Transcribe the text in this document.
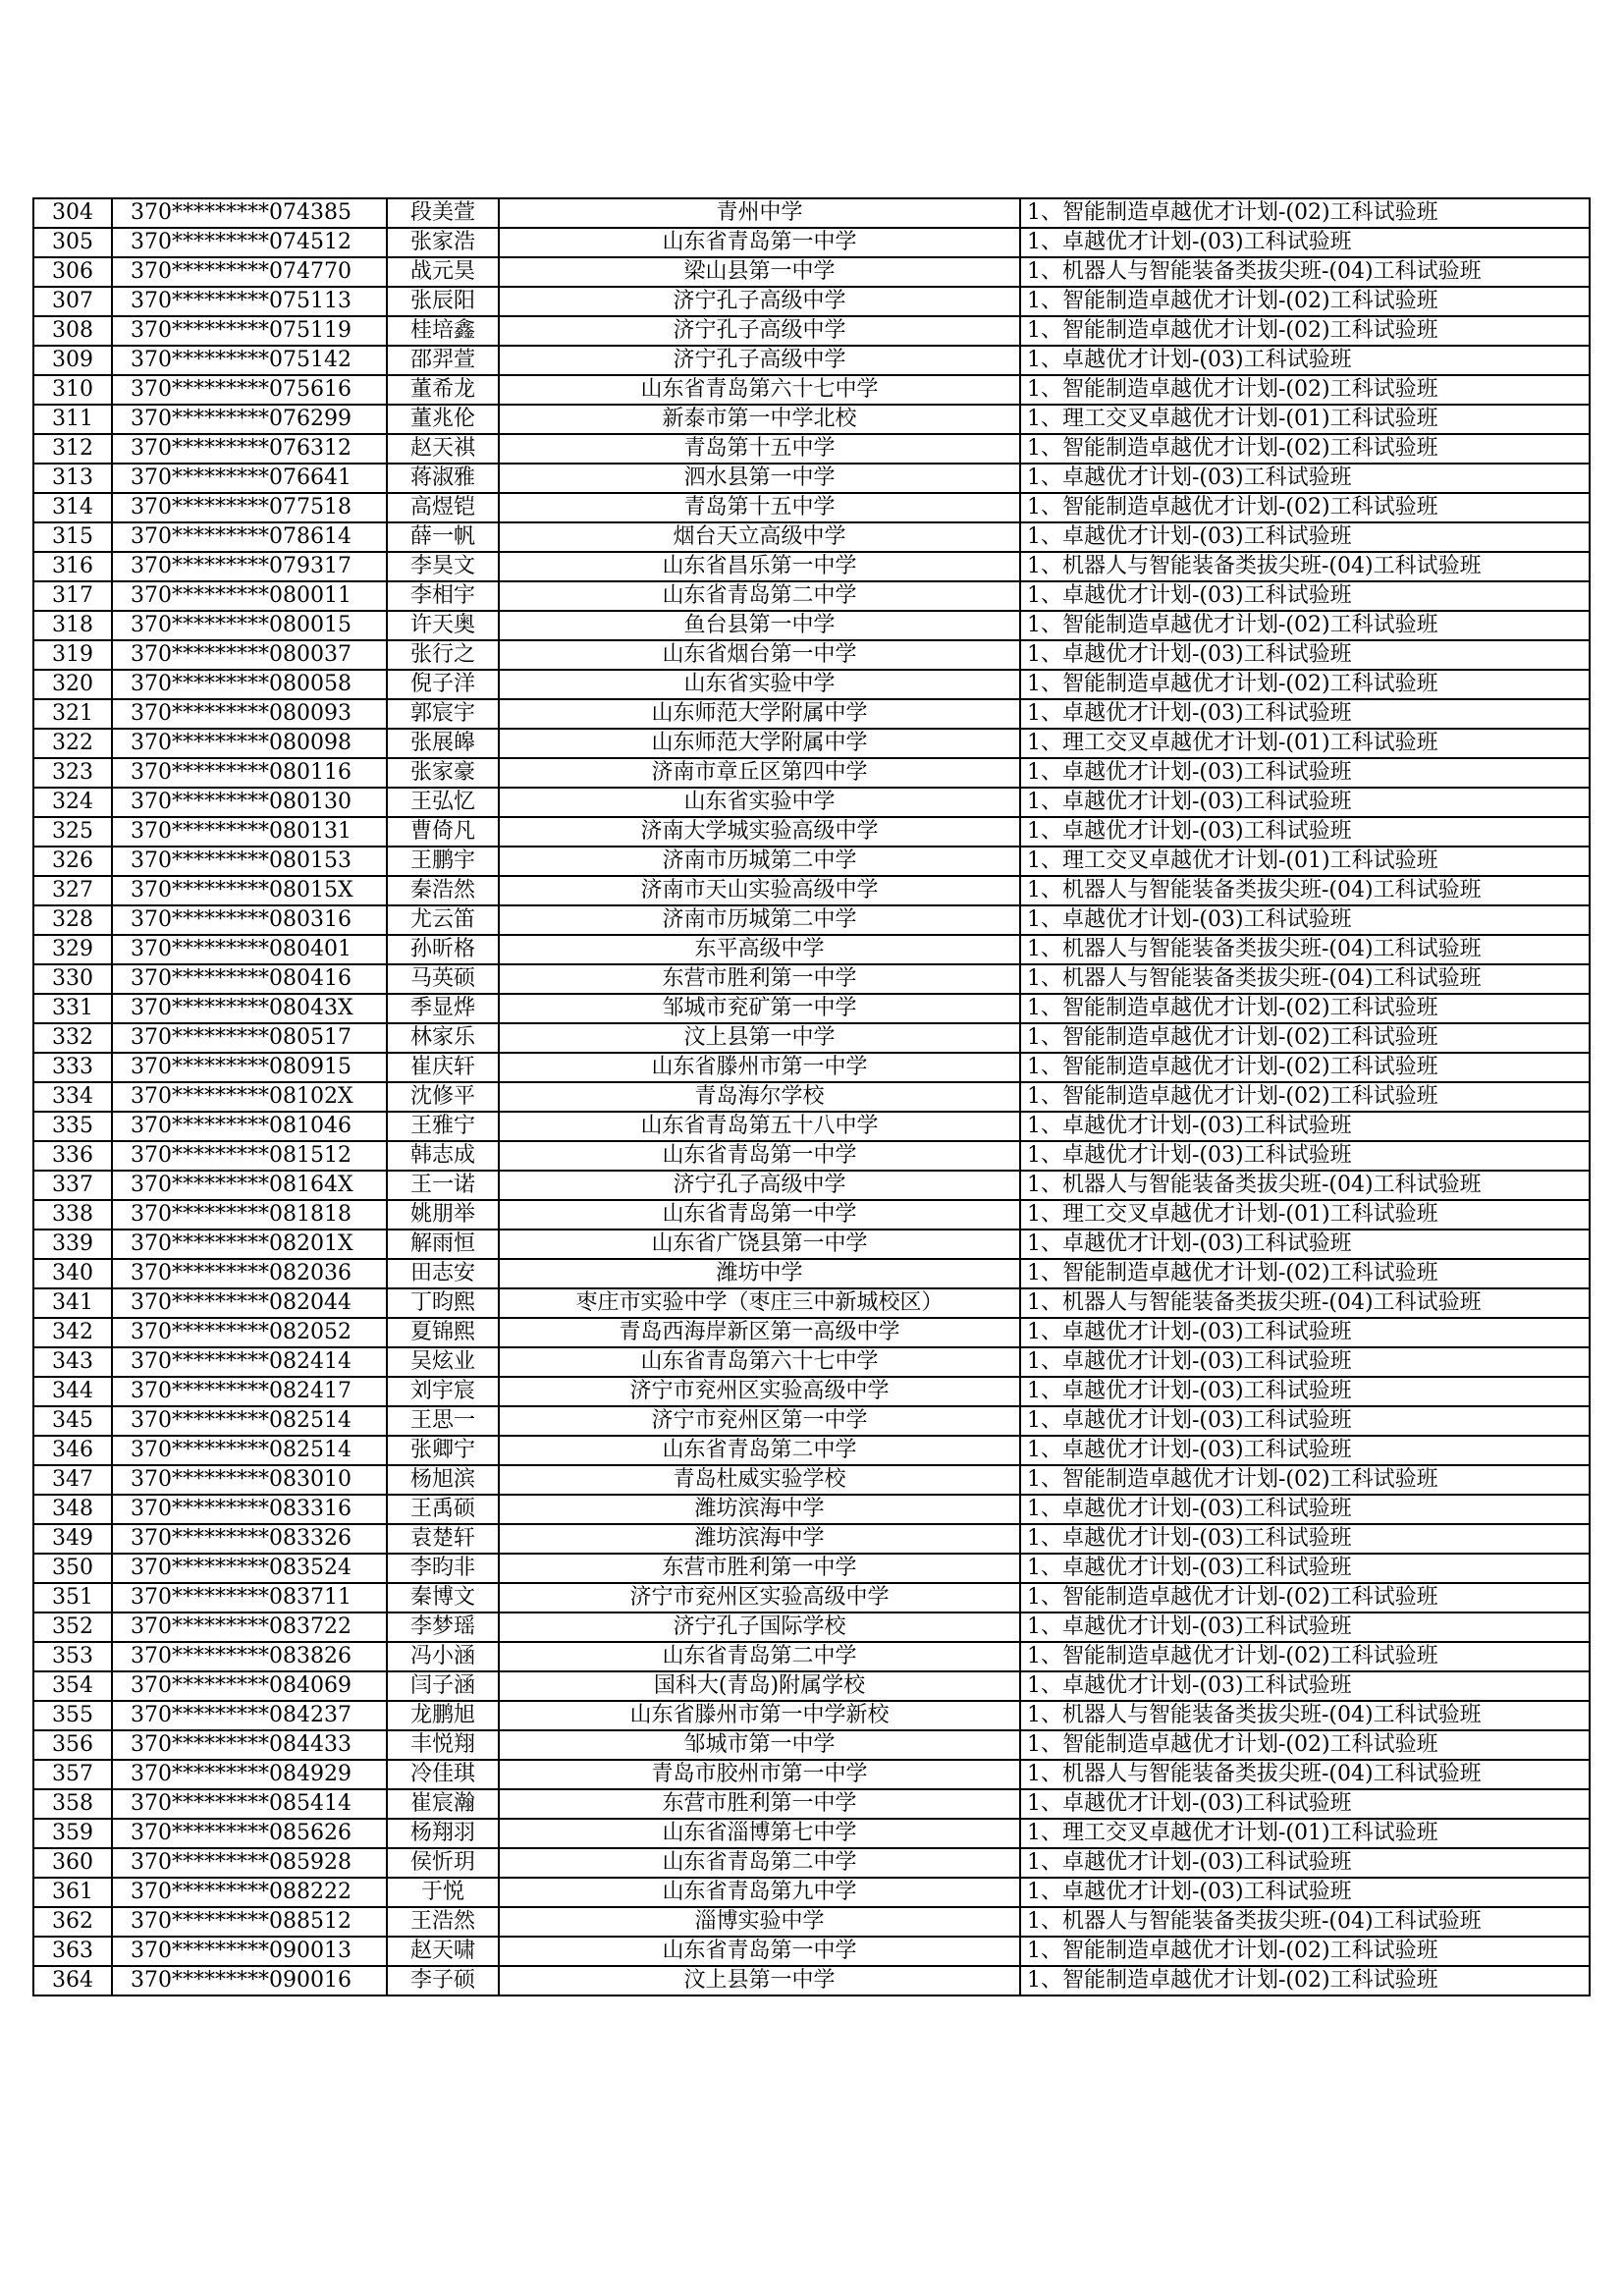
304	370*********074385	段美萱	青州中学	1、智能制造卓越优才计划-(02)工科试验班
305	370*********074512	张家浩	山东省青岛第一中学	1、卓越优才计划-(03)工科试验班
306	370*********074770	战元昊	梁山县第一中学	1、机器人与智能装备类拔尖班-(04)工科试验班
307	370*********075113	张辰阳	济宁孔子高级中学	1、智能制造卓越优才计划-(02)工科试验班
308	370*********075119	桂培鑫	济宁孔子高级中学	1、智能制造卓越优才计划-(02)工科试验班
309	370*********075142	邵羿萱	济宁孔子高级中学	1、卓越优才计划-(03)工科试验班
310	370*********075616	董希龙	山东省青岛第六十七中学	1、智能制造卓越优才计划-(02)工科试验班
311	370*********076299	董兆伦	新泰市第一中学北校	1、理工交叉卓越优才计划-(01)工科试验班
312	370*********076312	赵天祺	青岛第十五中学	1、智能制造卓越优才计划-(02)工科试验班
313	370*********076641	蒋淑雅	泗水县第一中学	1、卓越优才计划-(03)工科试验班
314	370*********077518	高煜铠	青岛第十五中学	1、智能制造卓越优才计划-(02)工科试验班
315	370*********078614	薛一帆	烟台天立高级中学	1、卓越优才计划-(03)工科试验班
316	370*********079317	李昊文	山东省昌乐第一中学	1、机器人与智能装备类拔尖班-(04)工科试验班
317	370*********080011	李相宇	山东省青岛第二中学	1、卓越优才计划-(03)工科试验班
318	370*********080015	许天奥	鱼台县第一中学	1、智能制造卓越优才计划-(02)工科试验班
319	370*********080037	张行之	山东省烟台第一中学	1、卓越优才计划-(03)工科试验班
320	370*********080058	倪子洋	山东省实验中学	1、智能制造卓越优才计划-(02)工科试验班
321	370*********080093	郭宸宇	山东师范大学附属中学	1、卓越优才计划-(03)工科试验班
322	370*********080098	张展皞	山东师范大学附属中学	1、理工交叉卓越优才计划-(01)工科试验班
323	370*********080116	张家豪	济南市章丘区第四中学	1、卓越优才计划-(03)工科试验班
324	370*********080130	王弘忆	山东省实验中学	1、卓越优才计划-(03)工科试验班
325	370*********080131	曹倚凡	济南大学城实验高级中学	1、卓越优才计划-(03)工科试验班
326	370*********080153	王鹏宇	济南市历城第二中学	1、理工交叉卓越优才计划-(01)工科试验班
327	370*********08015X	秦浩然	济南市天山实验高级中学	1、机器人与智能装备类拔尖班-(04)工科试验班
328	370*********080316	尤云笛	济南市历城第二中学	1、卓越优才计划-(03)工科试验班
329	370*********080401	孙昕格	东平高级中学	1、机器人与智能装备类拔尖班-(04)工科试验班
330	370*********080416	马英硕	东营市胜利第一中学	1、机器人与智能装备类拔尖班-(04)工科试验班
331	370*********08043X	季显烨	邹城市兖矿第一中学	1、智能制造卓越优才计划-(02)工科试验班
332	370*********080517	林家乐	汶上县第一中学	1、智能制造卓越优才计划-(02)工科试验班
333	370*********080915	崔庆轩	山东省滕州市第一中学	1、智能制造卓越优才计划-(02)工科试验班
334	370*********08102X	沈修平	青岛海尔学校	1、智能制造卓越优才计划-(02)工科试验班
335	370*********081046	王雅宁	山东省青岛第五十八中学	1、卓越优才计划-(03)工科试验班
336	370*********081512	韩志成	山东省青岛第一中学	1、卓越优才计划-(03)工科试验班
337	370*********08164X	王一诺	济宁孔子高级中学	1、机器人与智能装备类拔尖班-(04)工科试验班
338	370*********081818	姚朋举	山东省青岛第一中学	1、理工交叉卓越优才计划-(01)工科试验班
339	370*********08201X	解雨恒	山东省广饶县第一中学	1、卓越优才计划-(03)工科试验班
340	370*********082036	田志安	潍坊中学	1、智能制造卓越优才计划-(02)工科试验班
341	370*********082044	丁昀熙	枣庄市实验中学（枣庄三中新城校区）	1、机器人与智能装备类拔尖班-(04)工科试验班
342	370*********082052	夏锦熙	青岛西海岸新区第一高级中学	1、卓越优才计划-(03)工科试验班
343	370*********082414	吴炫业	山东省青岛第六十七中学	1、卓越优才计划-(03)工科试验班
344	370*********082417	刘宇宸	济宁市兖州区实验高级中学	1、卓越优才计划-(03)工科试验班
345	370*********082514	王思一	济宁市兖州区第一中学	1、卓越优才计划-(03)工科试验班
346	370*********082514	张卿宁	山东省青岛第二中学	1、卓越优才计划-(03)工科试验班
347	370*********083010	杨旭滨	青岛杜威实验学校	1、智能制造卓越优才计划-(02)工科试验班
348	370*********083316	王禹硕	潍坊滨海中学	1、卓越优才计划-(03)工科试验班
349	370*********083326	袁楚轩	潍坊滨海中学	1、卓越优才计划-(03)工科试验班
350	370*********083524	李昀非	东营市胜利第一中学	1、卓越优才计划-(03)工科试验班
351	370*********083711	秦博文	济宁市兖州区实验高级中学	1、智能制造卓越优才计划-(02)工科试验班
352	370*********083722	李梦瑶	济宁孔子国际学校	1、卓越优才计划-(03)工科试验班
353	370*********083826	冯小涵	山东省青岛第二中学	1、智能制造卓越优才计划-(02)工科试验班
354	370*********084069	闫子涵	国科大(青岛)附属学校	1、卓越优才计划-(03)工科试验班
355	370*********084237	龙鹏旭	山东省滕州市第一中学新校	1、机器人与智能装备类拔尖班-(04)工科试验班
356	370*********084433	丰悦翔	邹城市第一中学	1、智能制造卓越优才计划-(02)工科试验班
357	370*********084929	冷佳琪	青岛市胶州市第一中学	1、机器人与智能装备类拔尖班-(04)工科试验班
358	370*********085414	崔宸瀚	东营市胜利第一中学	1、卓越优才计划-(03)工科试验班
359	370*********085626	杨翔羽	山东省淄博第七中学	1、理工交叉卓越优才计划-(01)工科试验班
360	370*********085928	侯忻玥	山东省青岛第二中学	1、卓越优才计划-(03)工科试验班
361	370*********088222	于悦	山东省青岛第九中学	1、卓越优才计划-(03)工科试验班
362	370*********088512	王浩然	淄博实验中学	1、机器人与智能装备类拔尖班-(04)工科试验班
363	370*********090013	赵天啸	山东省青岛第一中学	1、智能制造卓越优才计划-(02)工科试验班
364	370*********090016	李子硕	汶上县第一中学	1、智能制造卓越优才计划-(02)工科试验班
